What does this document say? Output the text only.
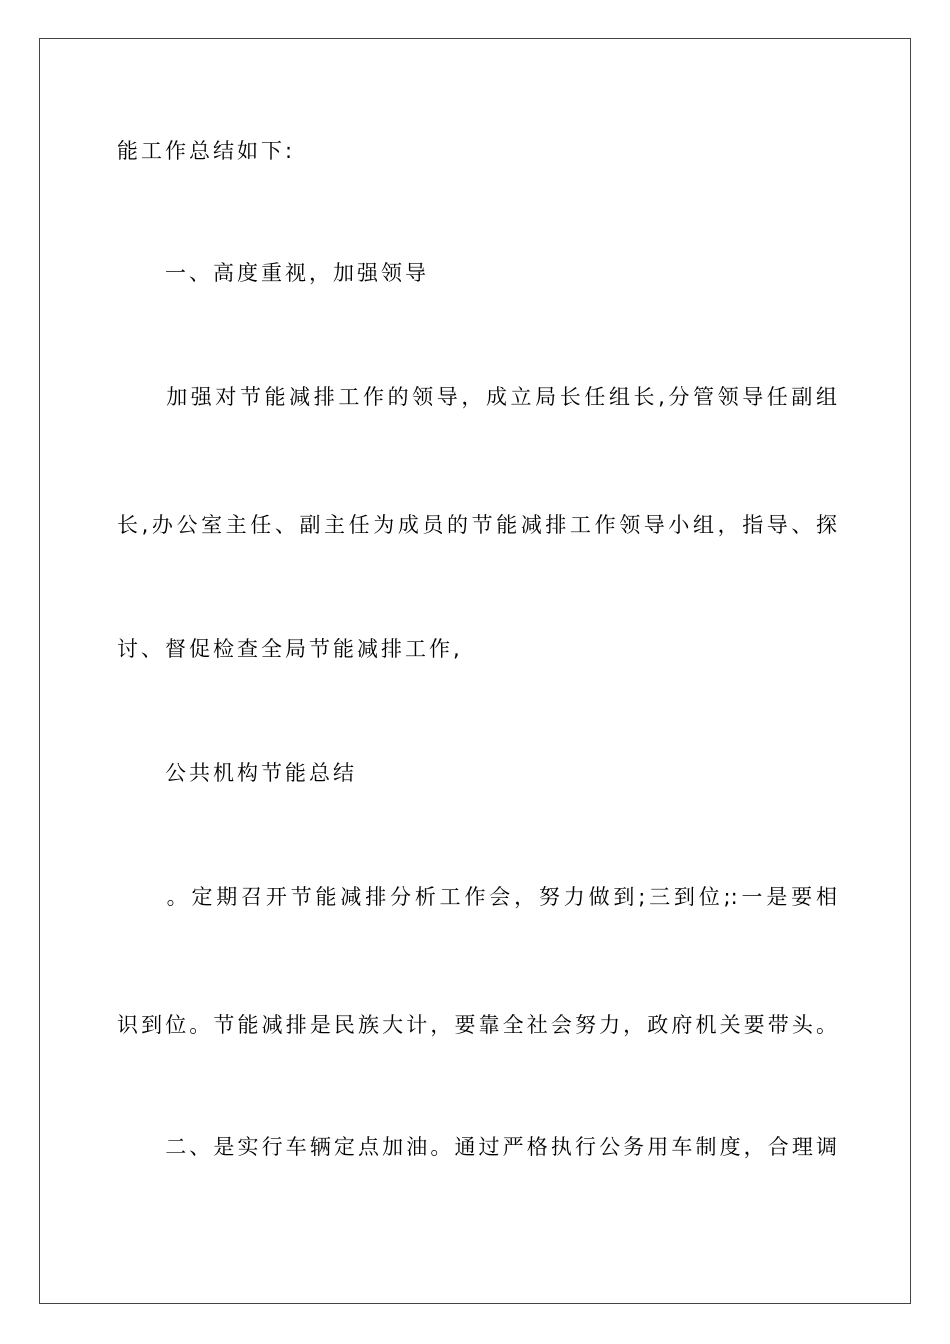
能工作总结如下:
　　一、高度重视，加强领导
　　加强对节能减排工作的领导，成立局长任组长,分管领导任副组
长,办公室主任、副主任为成员的节能减排工作领导小组，指导、探
讨、督促检查全局节能减排工作,
　　公共机构节能总结
　　。定期召开节能减排分析工作会，努力做到;三到位;:一是要相
识到位。节能减排是民族大计，要靠全社会努力，政府机关要带头。
　　二、是实行车辆定点加油。通过严格执行公务用车制度，合理调
